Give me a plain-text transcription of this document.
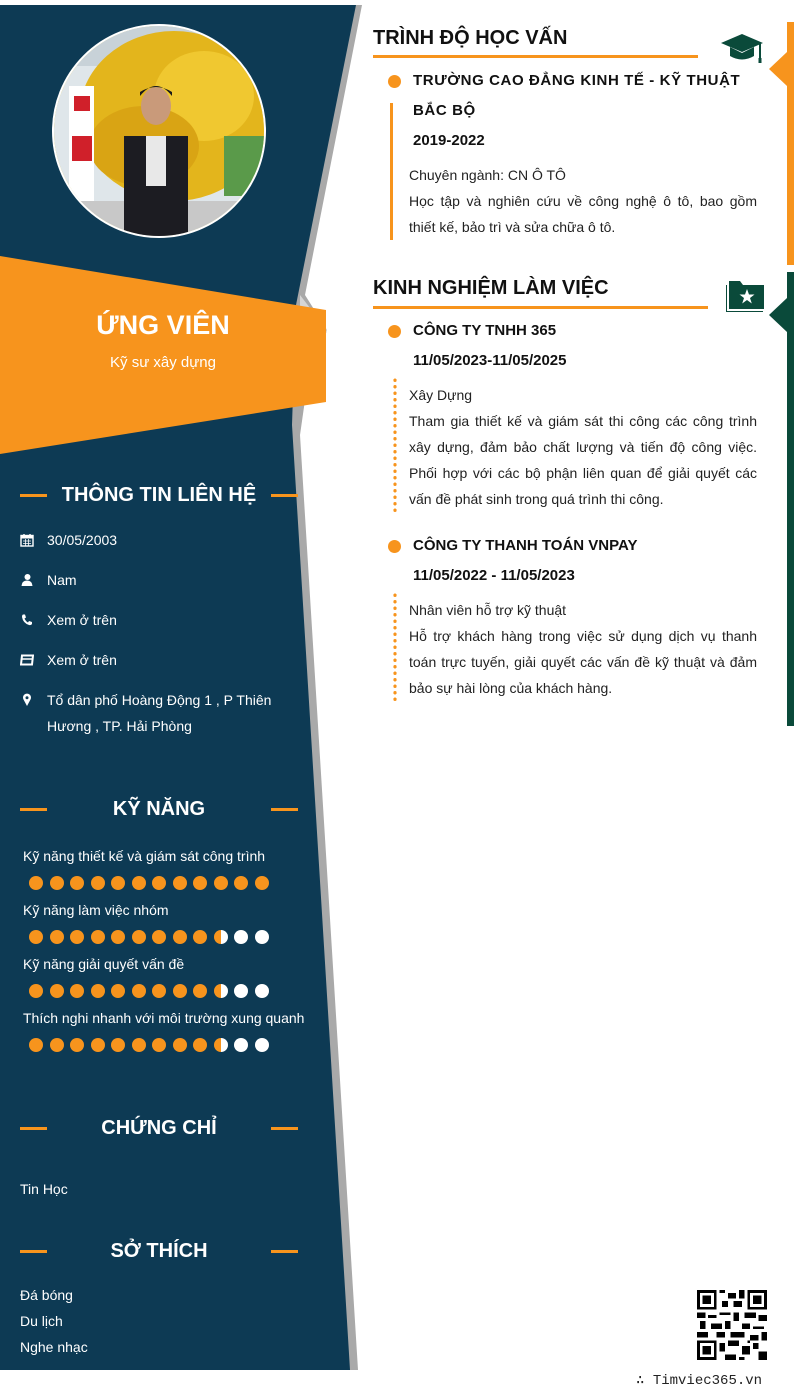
ỨNG VIÊN
Kỹ sư xây dựng
THÔNG TIN LIÊN HỆ
30/05/2003
Nam
Xem ở trên
Xem ở trên
Tổ dân phố Hoàng Động 1 , P Thiên Hương , TP. Hải Phòng
KỸ NĂNG
Kỹ năng thiết kế và giám sát công trình
Kỹ năng làm việc nhóm
Kỹ năng giải quyết vấn đề
Thích nghi nhanh với môi trường xung quanh
CHỨNG CHỈ
Tin Học
SỞ THÍCH
Đá bóng
Du lịch
Nghe nhạc
TRÌNH ĐỘ HỌC VẤN
TRƯỜNG CAO ĐẲNG KINH TẾ - KỸ THUẬT BẮC BỘ
2019-2022
Chuyên ngành: CN Ô TÔ
Học tập và nghiên cứu về công nghệ ô tô, bao gồm thiết kế, bảo trì và sửa chữa ô tô.
KINH NGHIỆM LÀM VIỆC
CÔNG TY TNHH 365
11/05/2023-11/05/2025
Xây Dựng
Tham gia thiết kế và giám sát thi công các công trình xây dựng, đảm bảo chất lượng và tiến độ công việc. Phối hợp với các bộ phận liên quan để giải quyết các vấn đề phát sinh trong quá trình thi công.
CÔNG TY THANH TOÁN VNPAY
11/05/2022 - 11/05/2023
Nhân viên hỗ trợ kỹ thuật
Hỗ trợ khách hàng trong việc sử dụng dịch vụ thanh toán trực tuyến, giải quyết các vấn đề kỹ thuật và đảm bảo sự hài lòng của khách hàng.
∴ Timviec365.vn
